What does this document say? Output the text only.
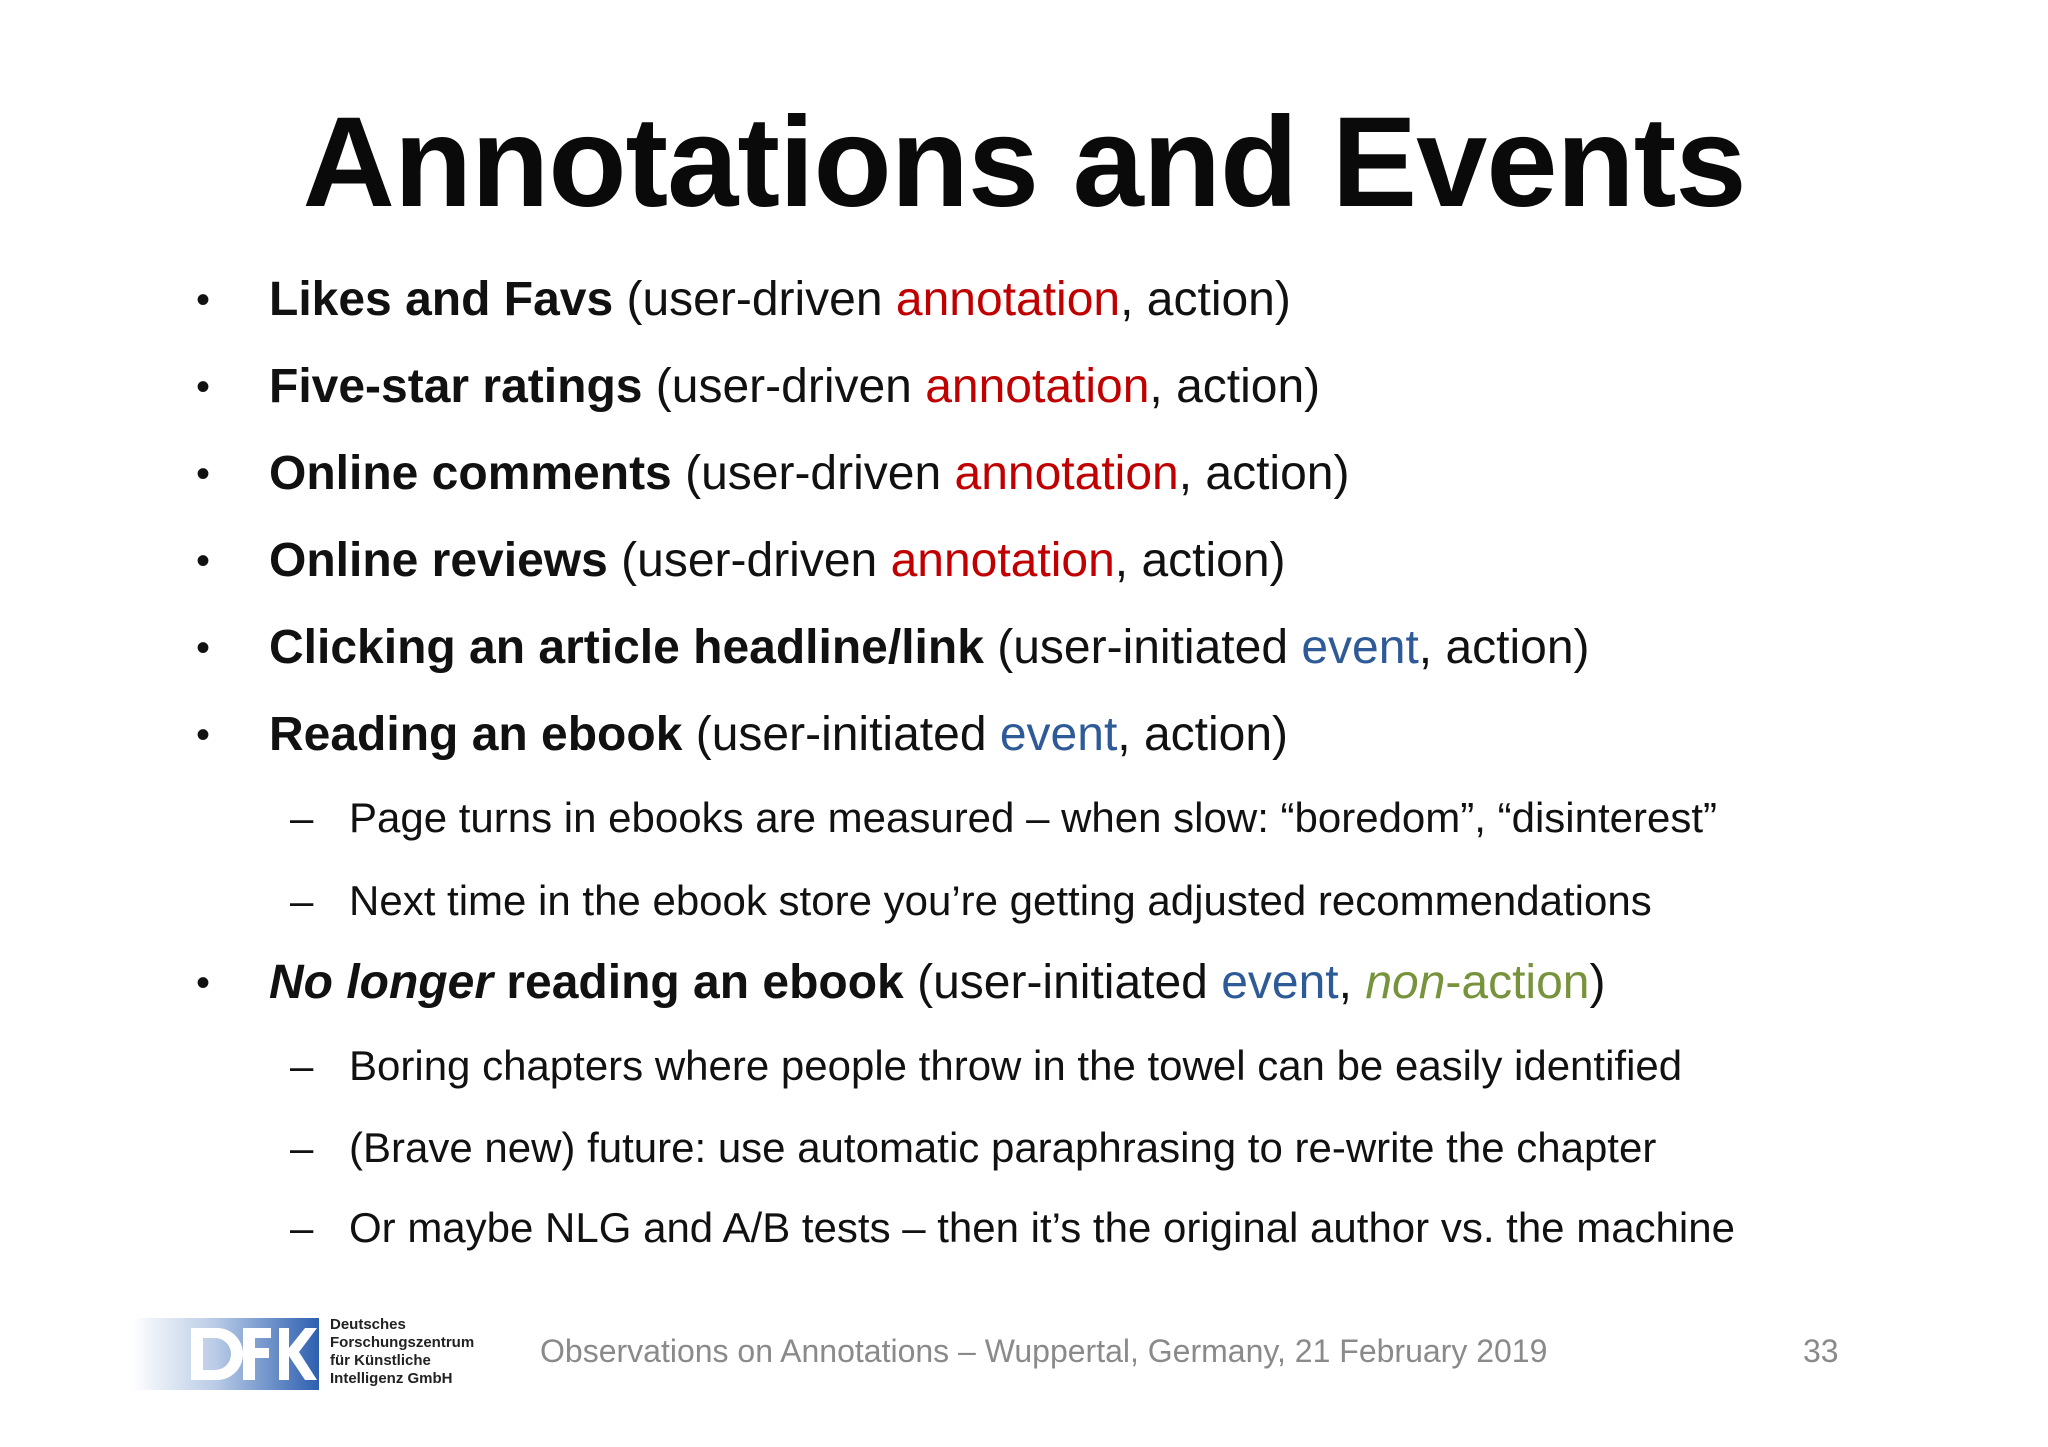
Annotations and Events
• Likes and Favs (user-driven annotation, action)
• Five-star ratings (user-driven annotation, action)
• Online comments (user-driven annotation, action)
• Online reviews (user-driven annotation, action)
• Clicking an article headline/link (user-initiated event, action)
• Reading an ebook (user-initiated event, action)
– Page turns in ebooks are measured – when slow: “boredom”, “disinterest”
– Next time in the ebook store you’re getting adjusted recommendations
• No longer reading an ebook (user-initiated event, non-action)
– Boring chapters where people throw in the towel can be easily identified
– (Brave new) future: use automatic paraphrasing to re-write the chapter
– Or maybe NLG and A/B tests – then it’s the original author vs. the machine
Deutsches
Forschungszentrum
für Künstliche
Intelligenz GmbH
Observations on Annotations – Wuppertal, Germany, 21 February 2019	33
